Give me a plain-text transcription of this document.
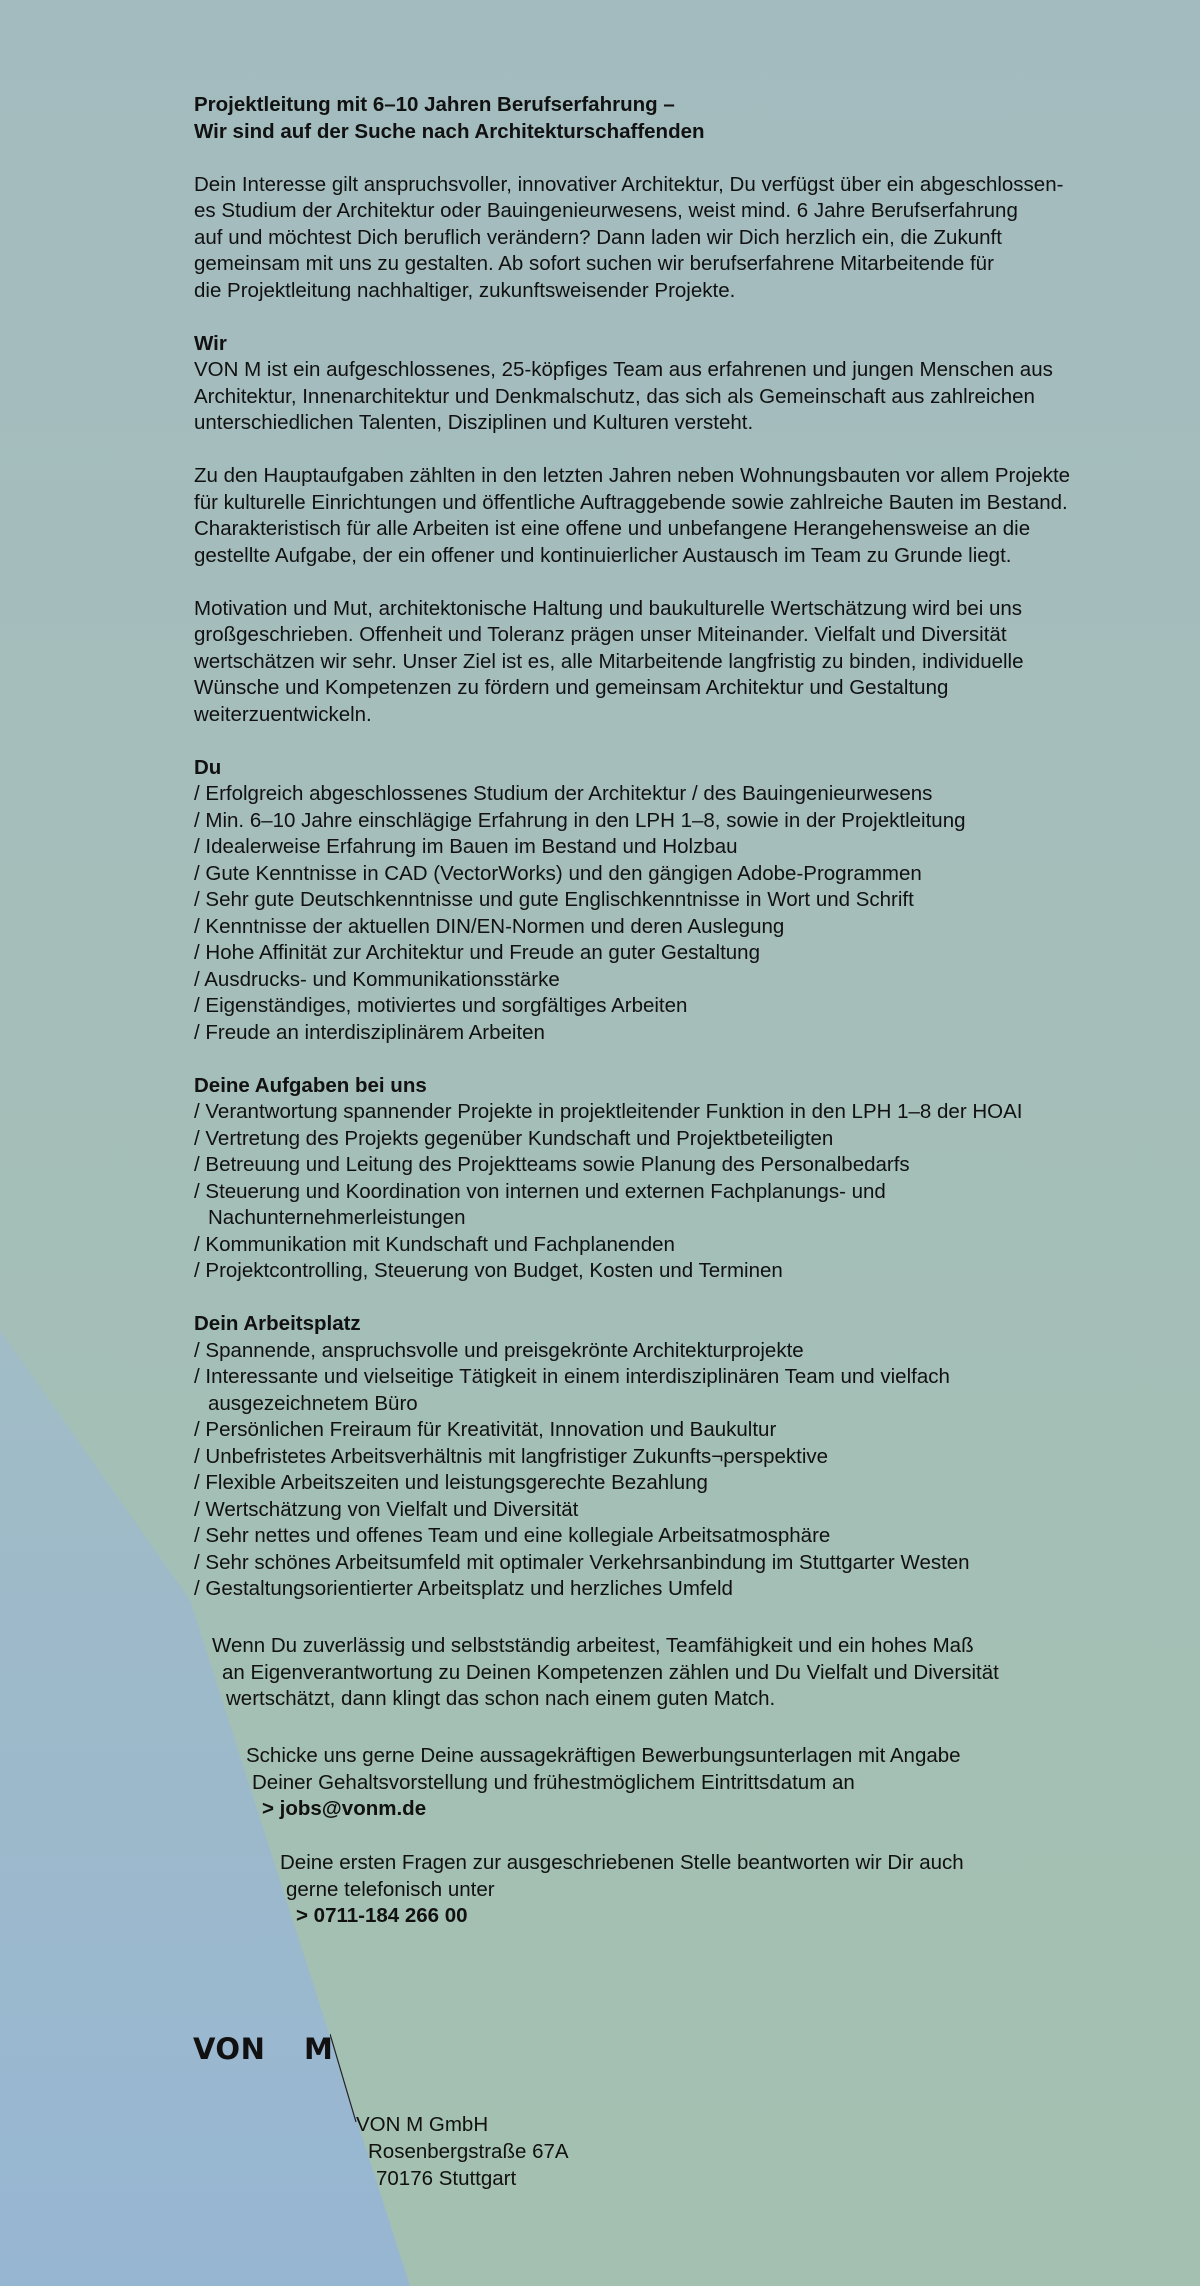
Projektleitung mit 6–10 Jahren Berufserfahrung –

Wir sind auf der Suche nach Architekturschaffenden

Dein Interesse gilt anspruchsvoller, innovativer Architektur, Du verfügst über ein abgeschlossen-

es Studium der Architektur oder Bauingenieurwesens, weist mind. 6 Jahre Berufserfahrung

auf und möchtest Dich beruflich verändern? Dann laden wir Dich herzlich ein, die Zukunft

gemeinsam mit uns zu gestalten. Ab sofort suchen wir berufserfahrene Mitarbeitende für

die Projektleitung nachhaltiger, zukunftsweisender Projekte.

Wir

VON M ist ein aufgeschlossenes, 25-köpfiges Team aus erfahrenen und jungen Menschen aus

Architektur, Innenarchitektur und Denkmalschutz, das sich als Gemeinschaft aus zahlreichen

unterschiedlichen Talenten, Disziplinen und Kulturen versteht.

Zu den Hauptaufgaben zählten in den letzten Jahren neben Wohnungsbauten vor allem Projekte

für kulturelle Einrichtungen und öffentliche Auftraggebende sowie zahlreiche Bauten im Bestand.

Charakteristisch für alle Arbeiten ist eine offene und unbefangene Herangehensweise an die

gestellte Aufgabe, der ein offener und kontinuierlicher Austausch im Team zu Grunde liegt.

Motivation und Mut, architektonische Haltung und baukulturelle Wertschätzung wird bei uns

großgeschrieben. Offenheit und Toleranz prägen unser Miteinander. Vielfalt und Diversität

wertschätzen wir sehr. Unser Ziel ist es, alle Mitarbeitende langfristig zu binden, individuelle

Wünsche und Kompetenzen zu fördern und gemeinsam Architektur und Gestaltung

weiterzuentwickeln.

Du

/ Erfolgreich abgeschlossenes Studium der Architektur / des Bauingenieurwesens

/ Min. 6–10 Jahre einschlägige Erfahrung in den LPH 1–8, sowie in der Projektleitung

/ Idealerweise Erfahrung im Bauen im Bestand und Holzbau

/ Gute Kenntnisse in CAD (VectorWorks) und den gängigen Adobe-Programmen

/ Sehr gute Deutschkenntnisse und gute Englischkenntnisse in Wort und Schrift

/ Kenntnisse der aktuellen DIN/EN-Normen und deren Auslegung

/ Hohe Affinität zur Architektur und Freude an guter Gestaltung

/ Ausdrucks- und Kommunikationsstärke

/ Eigenständiges, motiviertes und sorgfältiges Arbeiten

/ Freude an interdisziplinärem Arbeiten

Deine Aufgaben bei uns

/ Verantwortung spannender Projekte in projektleitender Funktion in den LPH 1–8 der HOAI

/ Vertretung des Projekts gegenüber Kundschaft und Projektbeteiligten

/ Betreuung und Leitung des Projektteams sowie Planung des Personalbedarfs

/ Steuerung und Koordination von internen und externen Fachplanungs- und Nachunternehmerleistungen

/ Kommunikation mit Kundschaft und Fachplanenden

/ Projektcontrolling, Steuerung von Budget, Kosten und Terminen

Dein Arbeitsplatz

/ Spannende, anspruchsvolle und preisgekrönte Architekturprojekte

/ Interessante und vielseitige Tätigkeit in einem interdisziplinären Team und vielfach ausgezeichnetem Büro

/ Persönlichen Freiraum für Kreativität, Innovation und Baukultur

/ Unbefristetes Arbeitsverhältnis mit langfristiger Zukunfts¬perspektive

/ Flexible Arbeitszeiten und leistungsgerechte Bezahlung

/ Wertschätzung von Vielfalt und Diversität

/ Sehr nettes und offenes Team und eine kollegiale Arbeitsatmosphäre

/ Sehr schönes Arbeitsumfeld mit optimaler Verkehrsanbindung im Stuttgarter Westen

/ Gestaltungsorientierter Arbeitsplatz und herzliches Umfeld

Wenn Du zuverlässig und selbstständig arbeitest, Teamfähigkeit und ein hohes Maß

an Eigenverantwortung zu Deinen Kompetenzen zählen und Du Vielfalt und Diversität

wertschätzt, dann klingt das schon nach einem guten Match.

Schicke uns gerne Deine aussagekräftigen Bewerbungsunterlagen mit Angabe

Deiner Gehaltsvorstellung und frühestmöglichem Eintrittsdatum an

> jobs@vonm.de

Deine ersten Fragen zur ausgeschriebenen Stelle beantworten wir Dir auch

gerne telefonisch unter

> 0711-184 266 00

VON M
VON M GmbH
Rosenbergstraße 67A
70176 Stuttgart
